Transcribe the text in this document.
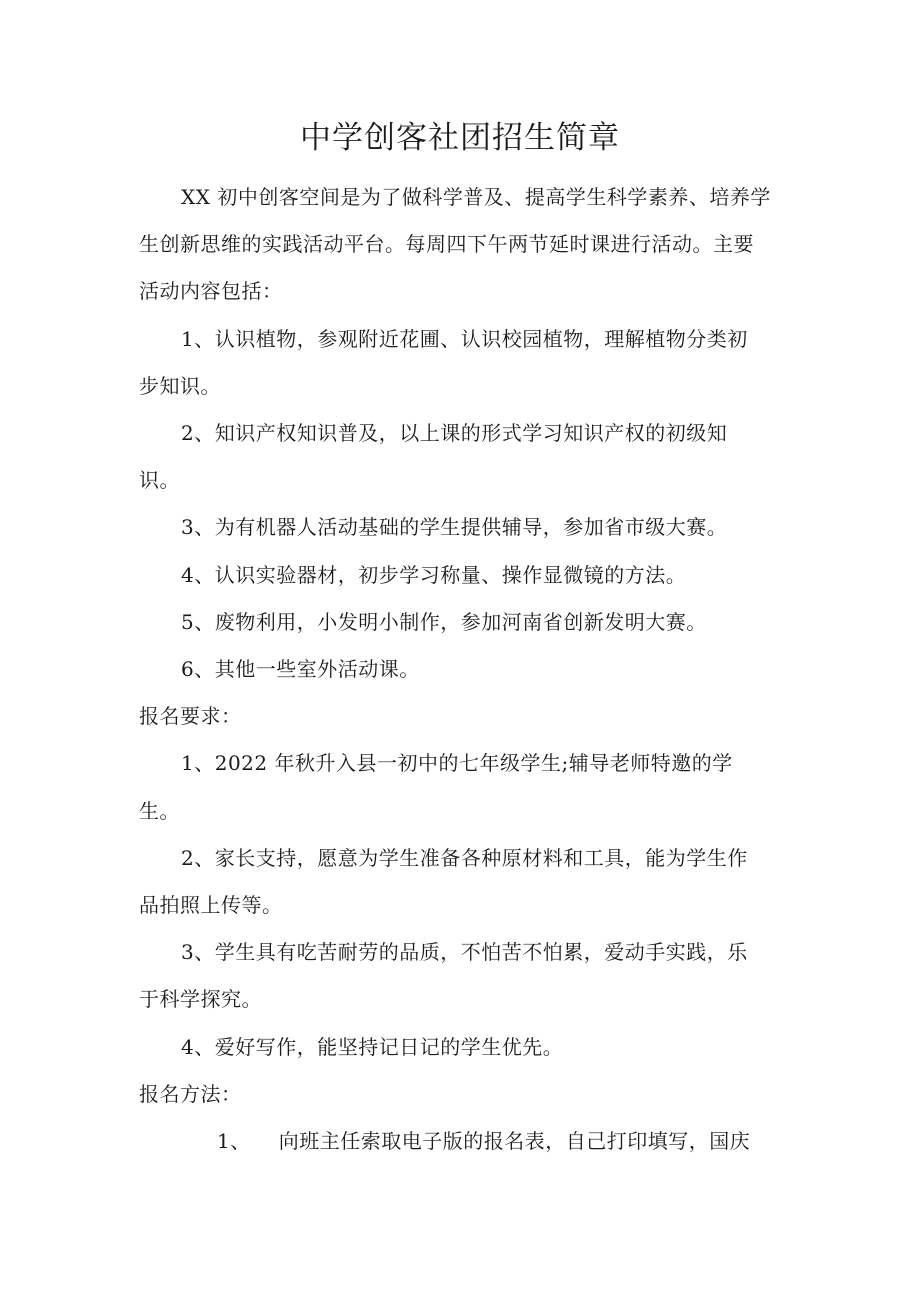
中学创客社团招生简章

XX 初中创客空间是为了做科学普及、提高学生科学素养、培养学

生创新思维的实践活动平台。每周四下午两节延时课进行活动。主要

活动内容包括：

1、认识植物，参观附近花圃、认识校园植物，理解植物分类初

步知识。

2、知识产权知识普及，以上课的形式学习知识产权的初级知

识。

3、为有机器人活动基础的学生提供辅导，参加省市级大赛。

4、认识实验器材，初步学习称量、操作显微镜的方法。

5、废物利用，小发明小制作，参加河南省创新发明大赛。

6、其他一些室外活动课。

报名要求：

1、2022 年秋升入县一初中的七年级学生;辅导老师特邀的学

生。

2、家长支持，愿意为学生准备各种原材料和工具，能为学生作

品拍照上传等。

3、学生具有吃苦耐劳的品质，不怕苦不怕累，爱动手实践，乐

于科学探究。

4、爱好写作，能坚持记日记的学生优先。

报名方法：

1、 向班主任索取电子版的报名表，自己打印填写，国庆
